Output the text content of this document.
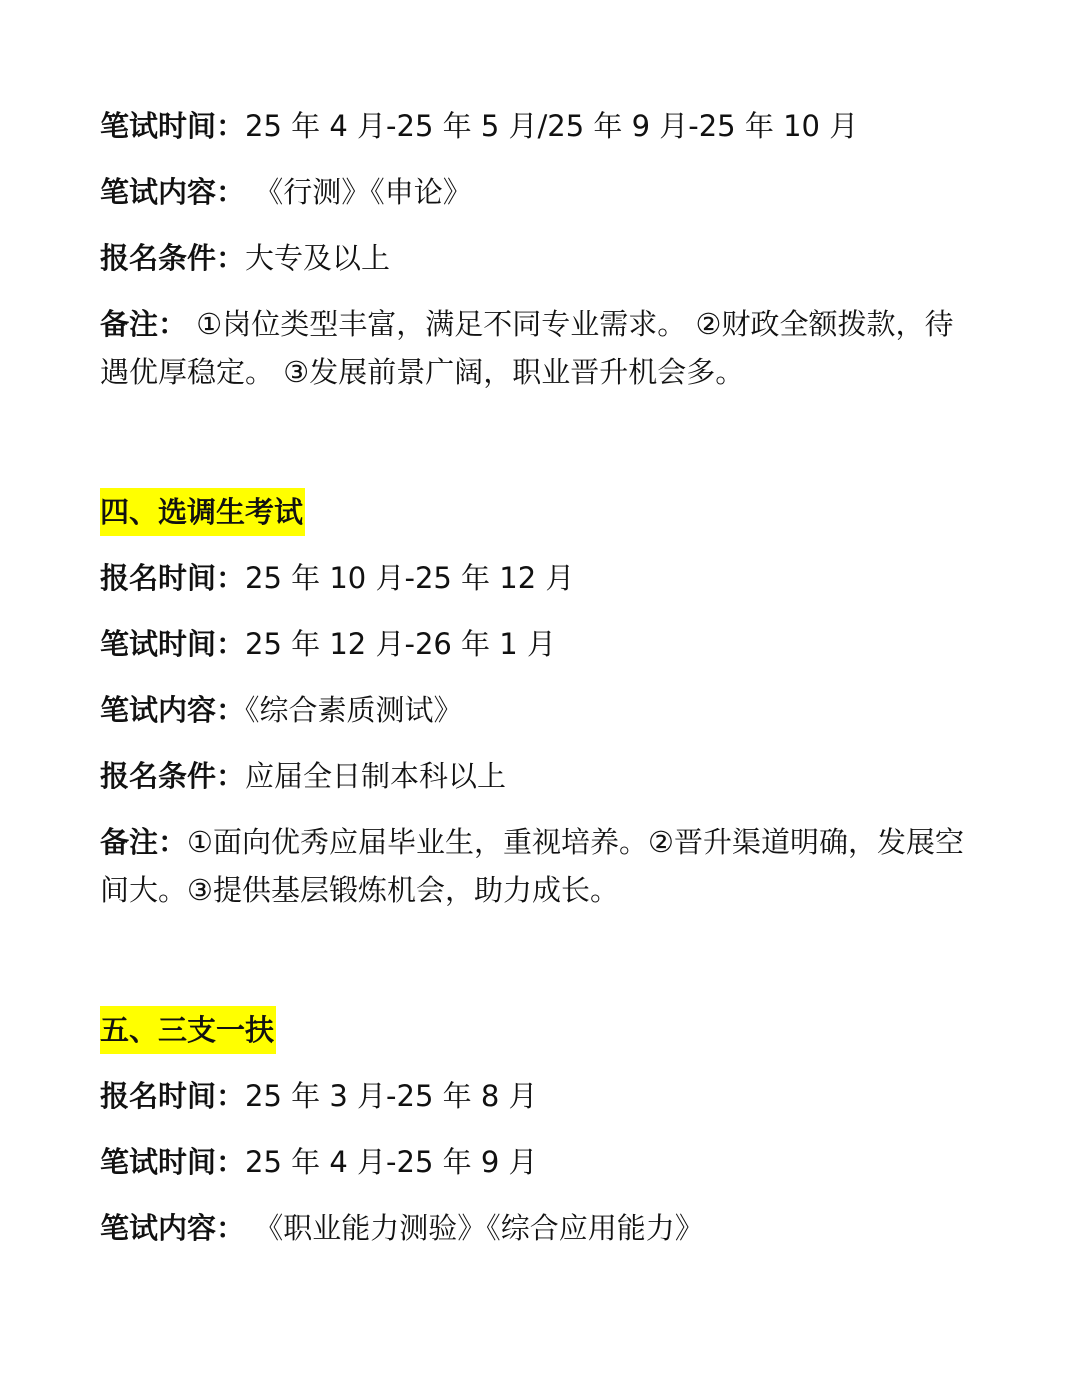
笔试时间：25 年 4 月-25 年 5 月/25 年 9 月-25 年 10 月
笔试内容： 《行测》《申论》
报名条件：大专及以上
备注： ①岗位类型丰富，满足不同专业需求。 ②财政全额拨款，待遇优厚稳定。 ③发展前景广阔，职业晋升机会多。
四、选调生考试
报名时间：25 年 10 月-25 年 12 月
笔试时间：25 年 12 月-26 年 1 月
笔试内容：《综合素质测试》
报名条件：应届全日制本科以上
备注：①面向优秀应届毕业生，重视培养。②晋升渠道明确，发展空间大。③提供基层锻炼机会，助力成长。
五、三支一扶
报名时间：25 年 3 月-25 年 8 月
笔试时间：25 年 4 月-25 年 9 月
笔试内容： 《职业能力测验》《综合应用能力》
